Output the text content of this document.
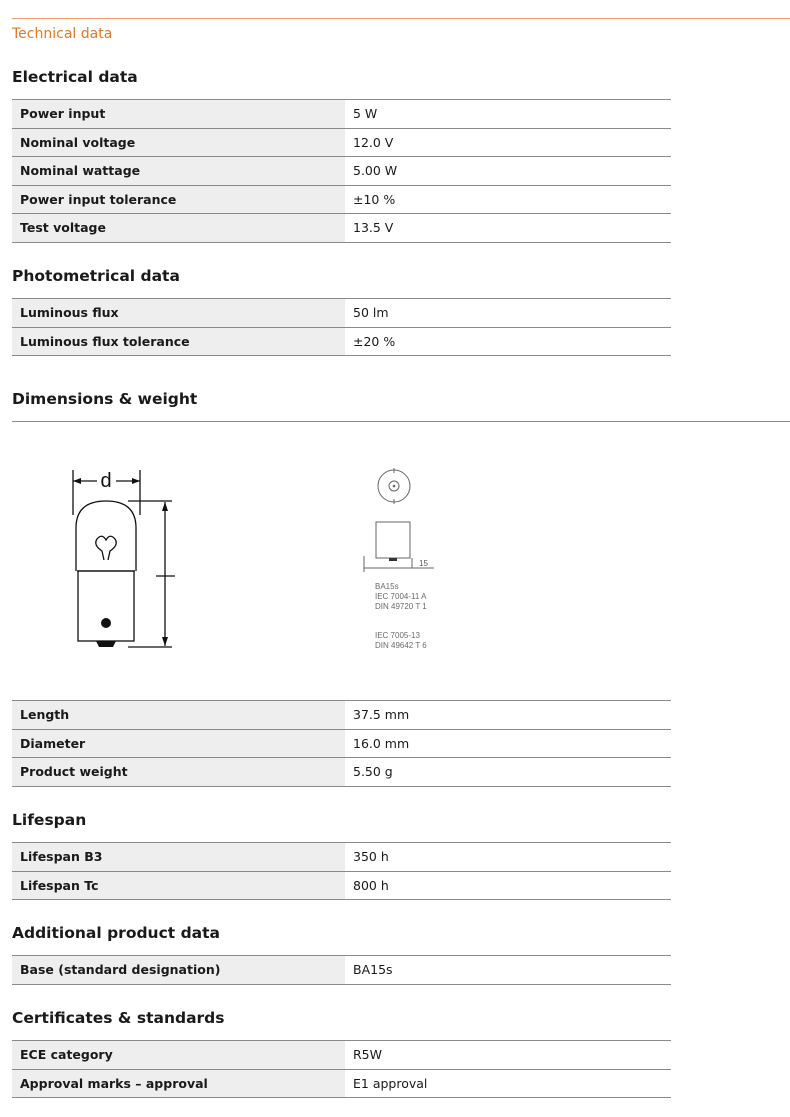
Technical data
Electrical data
Power input	5 W
Nominal voltage	12.0 V
Nominal wattage	5.00 W
Power input tolerance	±10 %
Test voltage	13.5 V
Photometrical data
Luminous flux	50 lm
Luminous flux tolerance	±20 %
Dimensions & weight
d
15
BA15s
IEC 7004-11 A
DIN 49720 T 1
IEC 7005-13
DIN 49642 T 6
Length	37.5 mm
Diameter	16.0 mm
Product weight	5.50 g
Lifespan
Lifespan B3	350 h
Lifespan Tc	800 h
Additional product data
Base (standard designation)	BA15s
Certificates & standards
ECE category	R5W
Approval marks – approval	E1 approval
